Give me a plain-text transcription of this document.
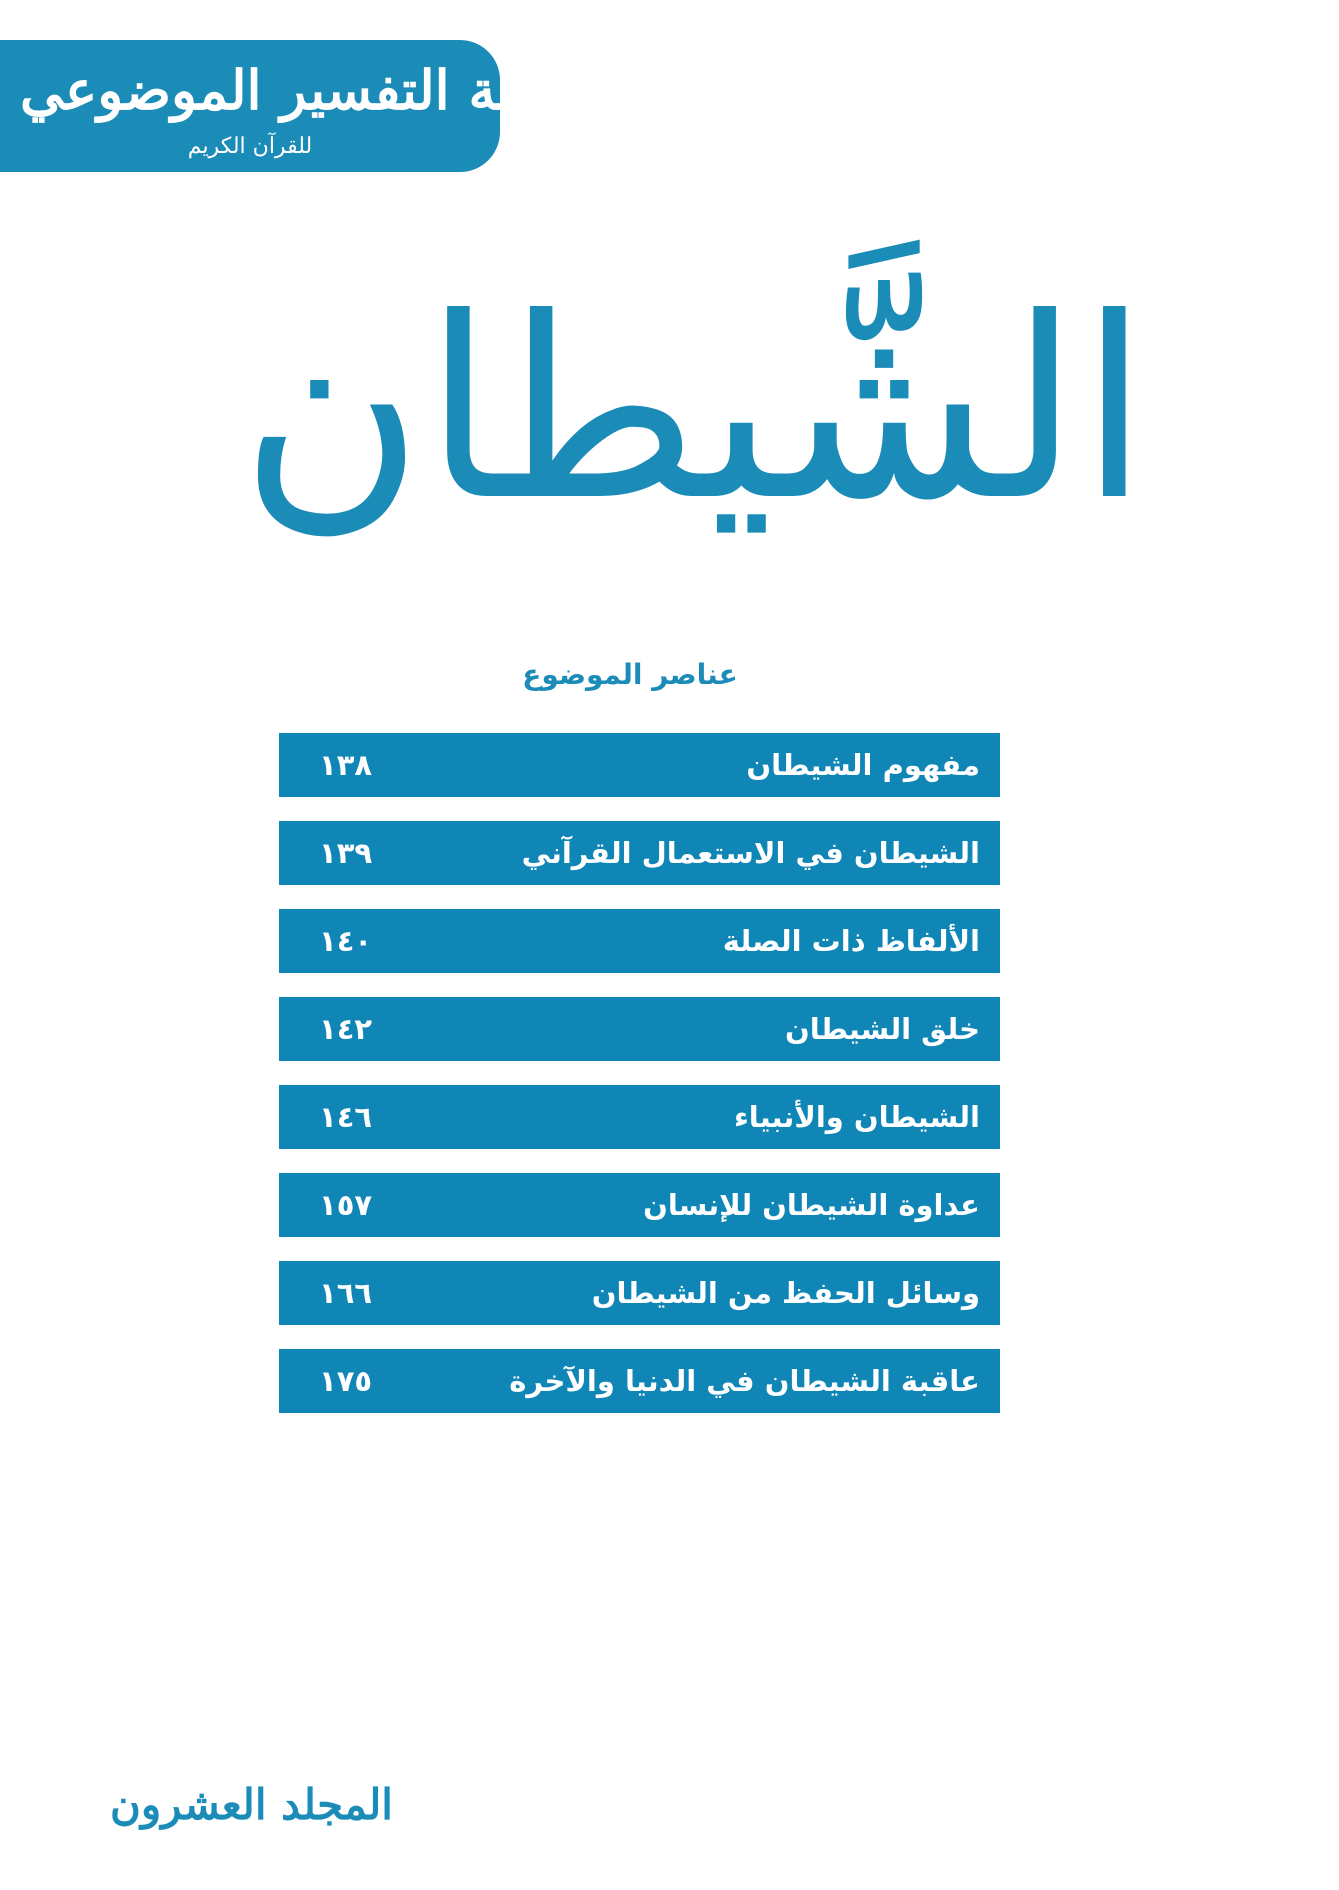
موسوعة التفسير الموضوعي
للقرآن الكريم
الشَّيطان
عناصر الموضوع
مفهوم الشيطان
١٣٨
الشيطان في الاستعمال القرآني
١٣٩
الألفاظ ذات الصلة
١٤٠
خلق الشيطان
١٤٢
الشيطان والأنبياء
١٤٦
عداوة الشيطان للإنسان
١٥٧
وسائل الحفظ من الشيطان
١٦٦
عاقبة الشيطان في الدنيا والآخرة
١٧٥
المجلد العشرون
